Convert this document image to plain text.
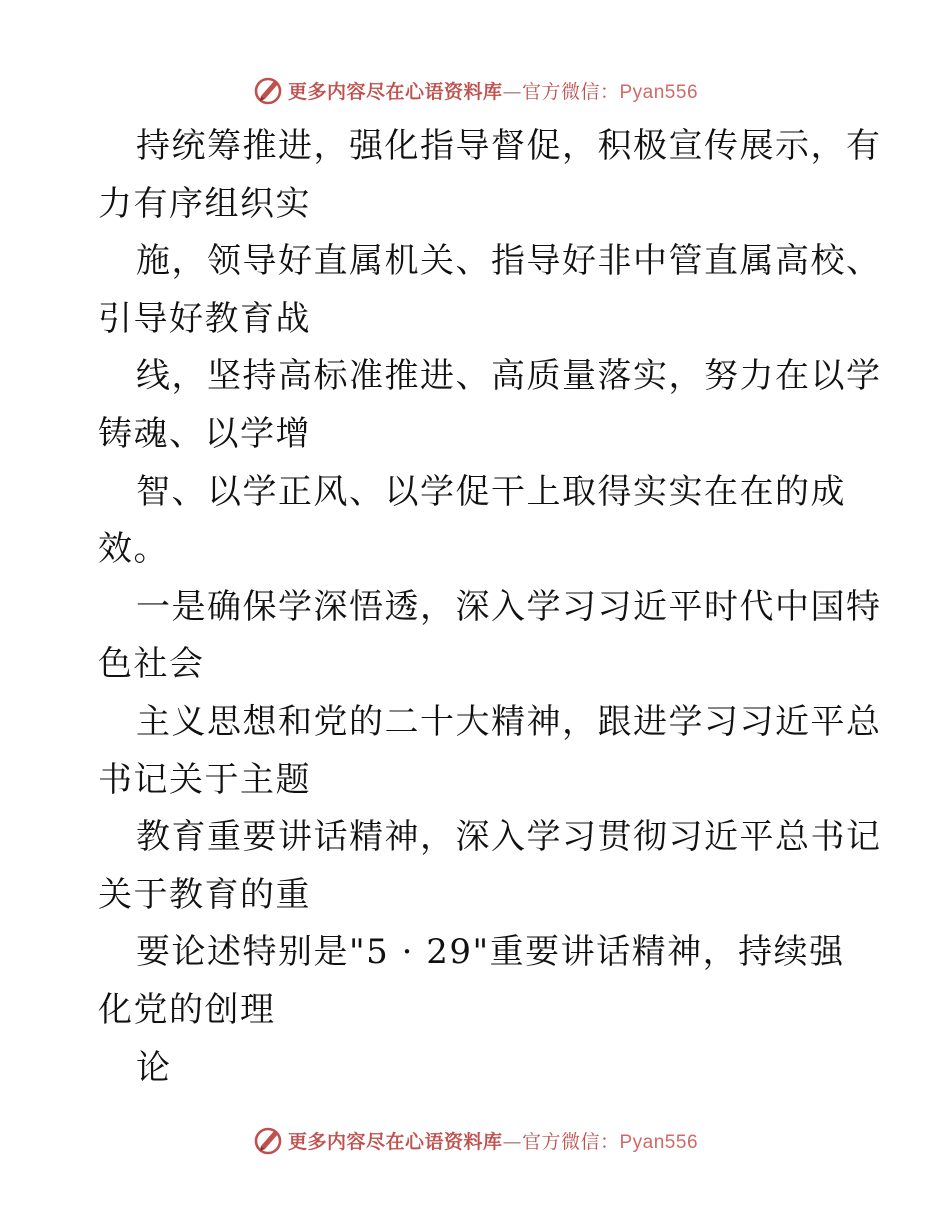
更多内容尽在心语资料库—官方微信：Pyan556
持统筹推进，强化指导督促，积极宣传展示，有
力有序组织实
施，领导好直属机关、指导好非中管直属高校、
引导好教育战
线，坚持高标准推进、高质量落实，努力在以学
铸魂、以学增
智、以学正风、以学促干上取得实实在在的成
效。
一是确保学深悟透，深入学习习近平时代中国特
色社会
主义思想和党的二十大精神，跟进学习习近平总
书记关于主题
教育重要讲话精神，深入学习贯彻习近平总书记
关于教育的重
要论述特别是"5 · 29"重要讲话精神，持续强
化党的创理
论
更多内容尽在心语资料库—官方微信：Pyan556
